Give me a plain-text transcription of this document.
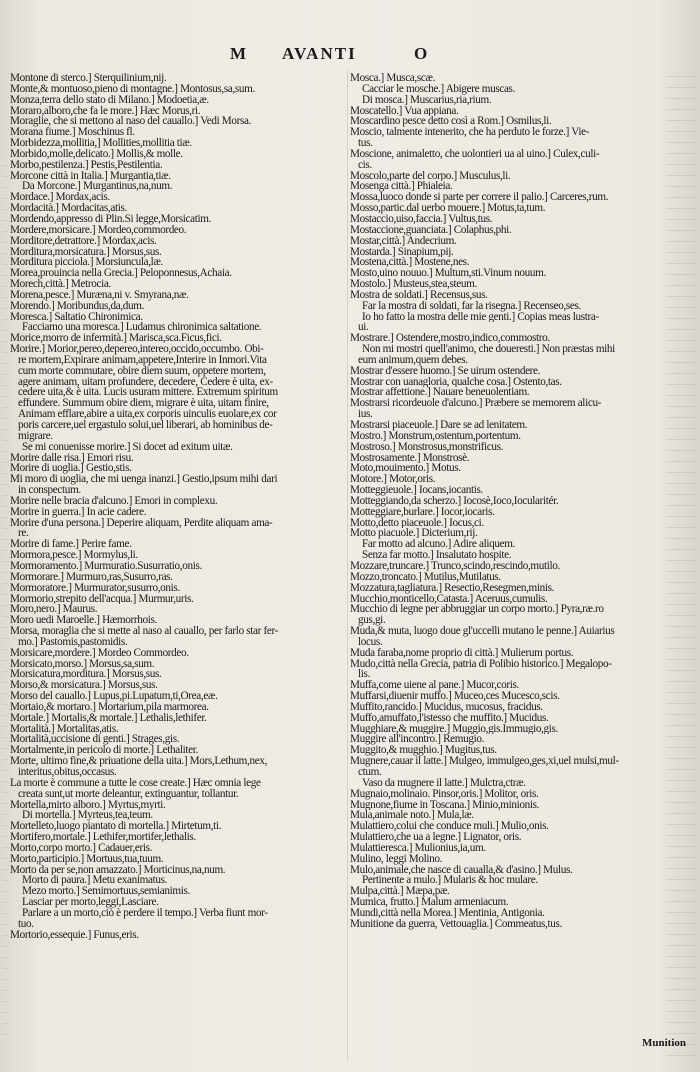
M AVANTI	O
Montone di sterco.] Sterquilinium,nij.
Monte,& montuoso,pieno di montagne.] Montosus,sa,sum.
Monza,terra dello stato di Milano.] Modoetia,æ.
Moraro,alboro,che fa le more.] Hæc Morus,ri.
Moraglie, che si mettono al naso del cauallo.] Vedi Morsa.
Morana fiume.] Moschinus fl.
Morbidezza,mollitia,] Mollities,mollitia tiæ.
Morbido,molle,delicato.] Mollis,& molle.
Morbo,pestilenza.] Pestis,Pestilentia.
Morcone città in Italia.] Murgantia,tiæ.
Da Morcone.] Murgantinus,na,num.
Mordace.] Mordax,acis.
Mordacità.] Mordacitas,atis.
Mordendo,appresso di Plin.Si legge,Morsicatim.
Mordere,morsicare.] Mordeo,commordeo.
Morditore,detrattore.] Mordax,acis.
Morditura,morsicatura.] Morsus,sus.
Morditura picciola.] Morsiuncula,læ.
Morea,prouincia nella Grecia.] Peloponnesus,Achaia.
Morech,città.] Metrocia.
Morena,pesce.] Muræna,ni v. Smyrana,næ.
Morendo.] Moribundus,da,dum.
Moresca.] Saltatio Chironimica.
Facciamo una moresca.] Ludamus chironimica saltatione.
Morice,morro de infermità.] Marisca,sca.Ficus,fici.
Morire.] Morior,pereo,depereo,intereo,occido,occumbo. Obi-
re mortem,Expirare animam,appetere,Interire in Inmori.Vita
cum morte commutare, obire diem suum, oppetere mortem,
agere animam, uitam profundere, decedere, Cedere è uita, ex-
cedere uita,& è uita. Lucis usuram mittere. Extremum spiritum
effundere. Summum obire diem, migrare è uita, uitam finire,
Animam efflare,abire a uita,ex corporis uinculis euolare,ex cor
poris carcere,uel ergastulo solui,uel liberari, ab hominibus de-
migrare.
Se mi conuenisse morire.] Si docet ad exitum uitæ.
Morire dalle risa.] Emori risu.
Morire di uoglia.] Gestio,stis.
Mi moro di uoglia, che mi uenga inanzi.] Gestio,ipsum mihi dari
in conspectum.
Morire nelle bracia d'alcuno.] Emori in complexu.
Morire in guerra.] In acie cadere.
Morire d'una persona.] Deperire aliquam, Perdite aliquam ama-
re.
Morire di fame.] Perire fame.
Mormora,pesce.] Mormylus,li.
Mormoramento.] Murmuratio.Susurratio,onis.
Mormorare.] Murmuro,ras,Susurro,ras.
Mormoratore.] Murmurator,susurro,onis.
Mormorio,strepito dell'acqua.] Murmur,uris.
Moro,nero.] Maurus.
Moro uedi Maroelle.] Hæmorrhois.
Morsa, moraglia che si mette al naso al cauallo, per farlo star fer-
mo.] Pastomis,pastomidis.
Morsicare,mordere.] Mordeo Commordeo.
Morsicato,morso.] Morsus,sa,sum.
Morsicatura,morditura.] Morsus,sus.
Morso,& morsicatura.] Morsus,sus.
Morso del cauallo.] Lupus,pi.Lupatum,ti,Orea,eæ.
Mortaio,& mortaro.] Mortarium,pila marmorea.
Mortale.] Mortalis,& mortale.] Lethalis,lethifer.
Mortalità.] Mortalitas,atis.
Mortalità,uccisione di genti.] Strages,gis.
Mortalmente,in pericolo di morte.] Lethaliter.
Morte, ultimo fine,& priuatione della uita.] Mors,Lethum,nex,
interitus,obitus,occasus.
La morte è commune a tutte le cose create.] Hæc omnia lege
creata sunt,ut morte deleantur, extinguantur, tollantur.
Mortella,mirto alboro.] Myrtus,myrti.
Di mortella.] Myrteus,tea,teum.
Mortelleto,luogo piantato di mortella.] Mirtetum,ti.
Mortifero,mortale.] Lethifer,mortifer,lethalis.
Morto,corpo morto.] Cadauer,eris.
Morto,participio.] Mortuus,tua,tuum.
Morto da per se,non amazzato.] Morticinus,na,num.
Morto di paura.] Metu exanimatus.
Mezo morto.] Semimortuus,semianimis.
Lasciar per morto,leggi,Lasciare.
Parlare a un morto,ciò è perdere il tempo.] Verba fiunt mor-
tuo.
Mortorio,essequie.] Funus,eris.
Mosca.] Musca,scæ.
Cacciar le mosche.] Abigere muscas.
Di mosca.] Muscarius,ria,rium.
Moscatello.] Vua appiana.
Moscardino pesce detto così a Rom.] Osmilus,li.
Moscio, talmente intenerito, che ha perduto le forze.] Vie-
tus.
Moscione, animaletto, che uolontieri ua al uino.] Culex,culi-
cis.
Moscolo,parte del corpo.] Musculus,li.
Mosenga città.] Phialeia.
Mossa,luoco donde si parte per correre il palio.] Carceres,rum.
Mosso,partic.dal uerbo mouere.] Motus,ta,tum.
Mostaccio,uiso,faccia.] Vultus,tus.
Mostaccione,guanciata.] Colaphus,phi.
Mostar,città.] Andecrium.
Mostarda.] Sinapium,pij.
Mostena,città.] Mostene,nes.
Mosto,uino nouuo.] Multum,sti.Vinum nouum.
Mostolo.] Musteus,stea,steum.
Mostra de soldati.] Recensus,sus.
Far la mostra di soldati, far la risegna.] Recenseo,ses.
Io ho fatto la mostra delle mie genti.] Copias meas lustra-
ui.
Mostrare.] Ostendere,mostro,indico,commostro.
Non mi mostri quell'animo, che doueresti.] Non præstas mihi
eum animum,quem debes.
Mostrar d'essere huomo.] Se uirum ostendere.
Mostrar con uanagloria, qualche cosa.] Ostento,tas.
Mostrar affettione.] Nauare beneuolentiam.
Mostrarsi ricordeuole d'alcuno.] Præbere se memorem alicu-
ius.
Mostrarsi piaceuole.] Dare se ad lenitatem.
Mostro.] Monstrum,ostentum,portentum.
Mostroso.] Monstrosus,monstrificus.
Mostrosamente.] Monstrosè.
Moto,mouimento.] Motus.
Motore.] Motor,oris.
Motteggieuole.] Iocans,iocantis.
Motteggiando,da scherzo.] Iocosè,Ioco,Iocularitér.
Motteggiare,burlare.] Iocor,iocaris.
Motto,detto piaceuole.] Iocus,ci.
Motto piacuole.] Dicterium,rij.
Far motto ad alcuno.] Adire aliquem.
Senza far motto.] Insalutato hospite.
Mozzare,truncare.] Trunco,scindo,rescindo,mutilo.
Mozzo,troncato.] Mutilus,Mutilatus.
Mozzatura,tagliatura.] Resectio,Resegmen,minis.
Mucchio,monticello,Catasta.] Aceruus,cumulis.
Mucchio di legne per abbruggiar un corpo morto.] Pyra,ræ.ro
gus,gi.
Muda,& muta, luogo doue gl'uccelli mutano le penne.] Auiarius
locus.
Muda faraba,nome proprio di città.] Mulierum portus.
Mudo,città nella Grecia, patria di Polibio historico.] Megalopo-
lis.
Muffa,come uiene al pane.] Mucor,coris.
Muffarsi,diuenir muffo.] Muceo,ces Mucesco,scis.
Muffito,rancido.] Mucidus, mucosus, fracidus.
Muffo,amuffato,l'istesso che muffito.] Mucidus.
Mugghiare,& muggire.] Muggio,gis.Immugio,gis.
Muggire all'incontro.] Remugio.
Muggito,& mugghio.] Mugitus,tus.
Mugnere,cauar il latte.] Mulgeo, immulgeo,ges,xi,uel mulsi,mul-
ctum.
Vaso da mugnere il latte.] Mulctra,ctræ.
Mugnaio,molinaio. Pinsor,oris.] Molitor, oris.
Mugnone,fiume in Toscana.] Minio,minionis.
Mula,animale noto.] Mula,læ.
Mulattiero,colui che conduce muli.] Mulio,onis.
Mulattiero,che ua a legne.] Lignator, oris.
Mulattieresca.] Mulionius,ia,um.
Mulino, leggi Molino.
Mulo,animale,che nasce di caualla,& d'asino.] Mulus.
Pertinente a mulo.] Mularis & hoc mulare.
Mulpa,città.] Mæpa,pæ.
Mumica, frutto.] Malum armeniacum.
Mundi,città nella Morea.] Mentinia, Antigonia.
Munitione da guerra, Vettouaglia.] Commeatus,tus.
Munition
